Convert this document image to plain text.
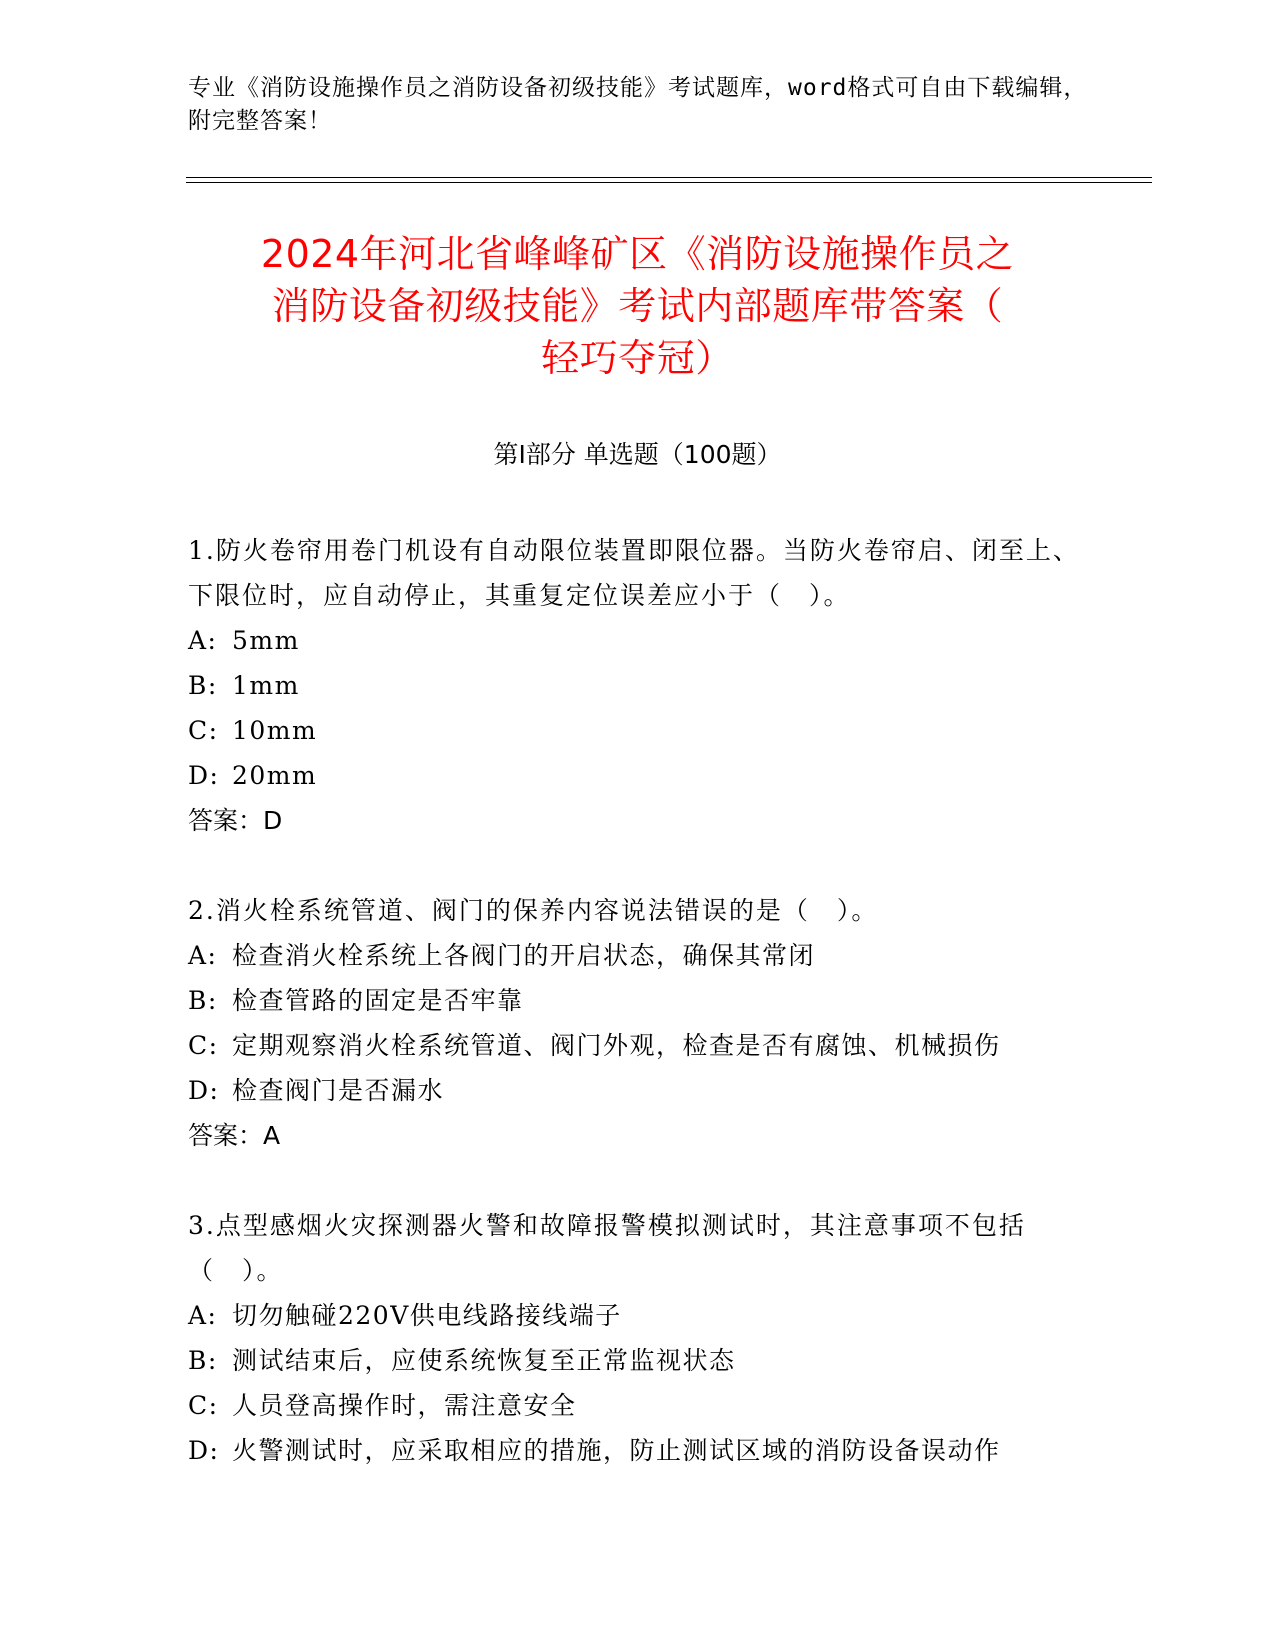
专业《消防设施操作员之消防设备初级技能》考试题库，word格式可自由下载编辑，附完整答案！
2024年河北省峰峰矿区《消防设施操作员之
消防设备初级技能》考试内部题库带答案（
轻巧夺冠）
第I部分 单选题（100题）
1.防火卷帘用卷门机设有自动限位装置即限位器。当防火卷帘启、闭至上、下限位时，应自动停止，其重复定位误差应小于（　）。
A: 5mm
B: 1mm
C: 10mm
D: 20mm
答案：D
2.消火栓系统管道、阀门的保养内容说法错误的是（　）。
A: 检查消火栓系统上各阀门的开启状态，确保其常闭
B: 检查管路的固定是否牢靠
C: 定期观察消火栓系统管道、阀门外观，检查是否有腐蚀、机械损伤
D: 检查阀门是否漏水
答案：A
3.点型感烟火灾探测器火警和故障报警模拟测试时，其注意事项不包括（　）。
A: 切勿触碰220V供电线路接线端子
B: 测试结束后，应使系统恢复至正常监视状态
C: 人员登高操作时，需注意安全
D: 火警测试时，应采取相应的措施，防止测试区域的消防设备误动作
